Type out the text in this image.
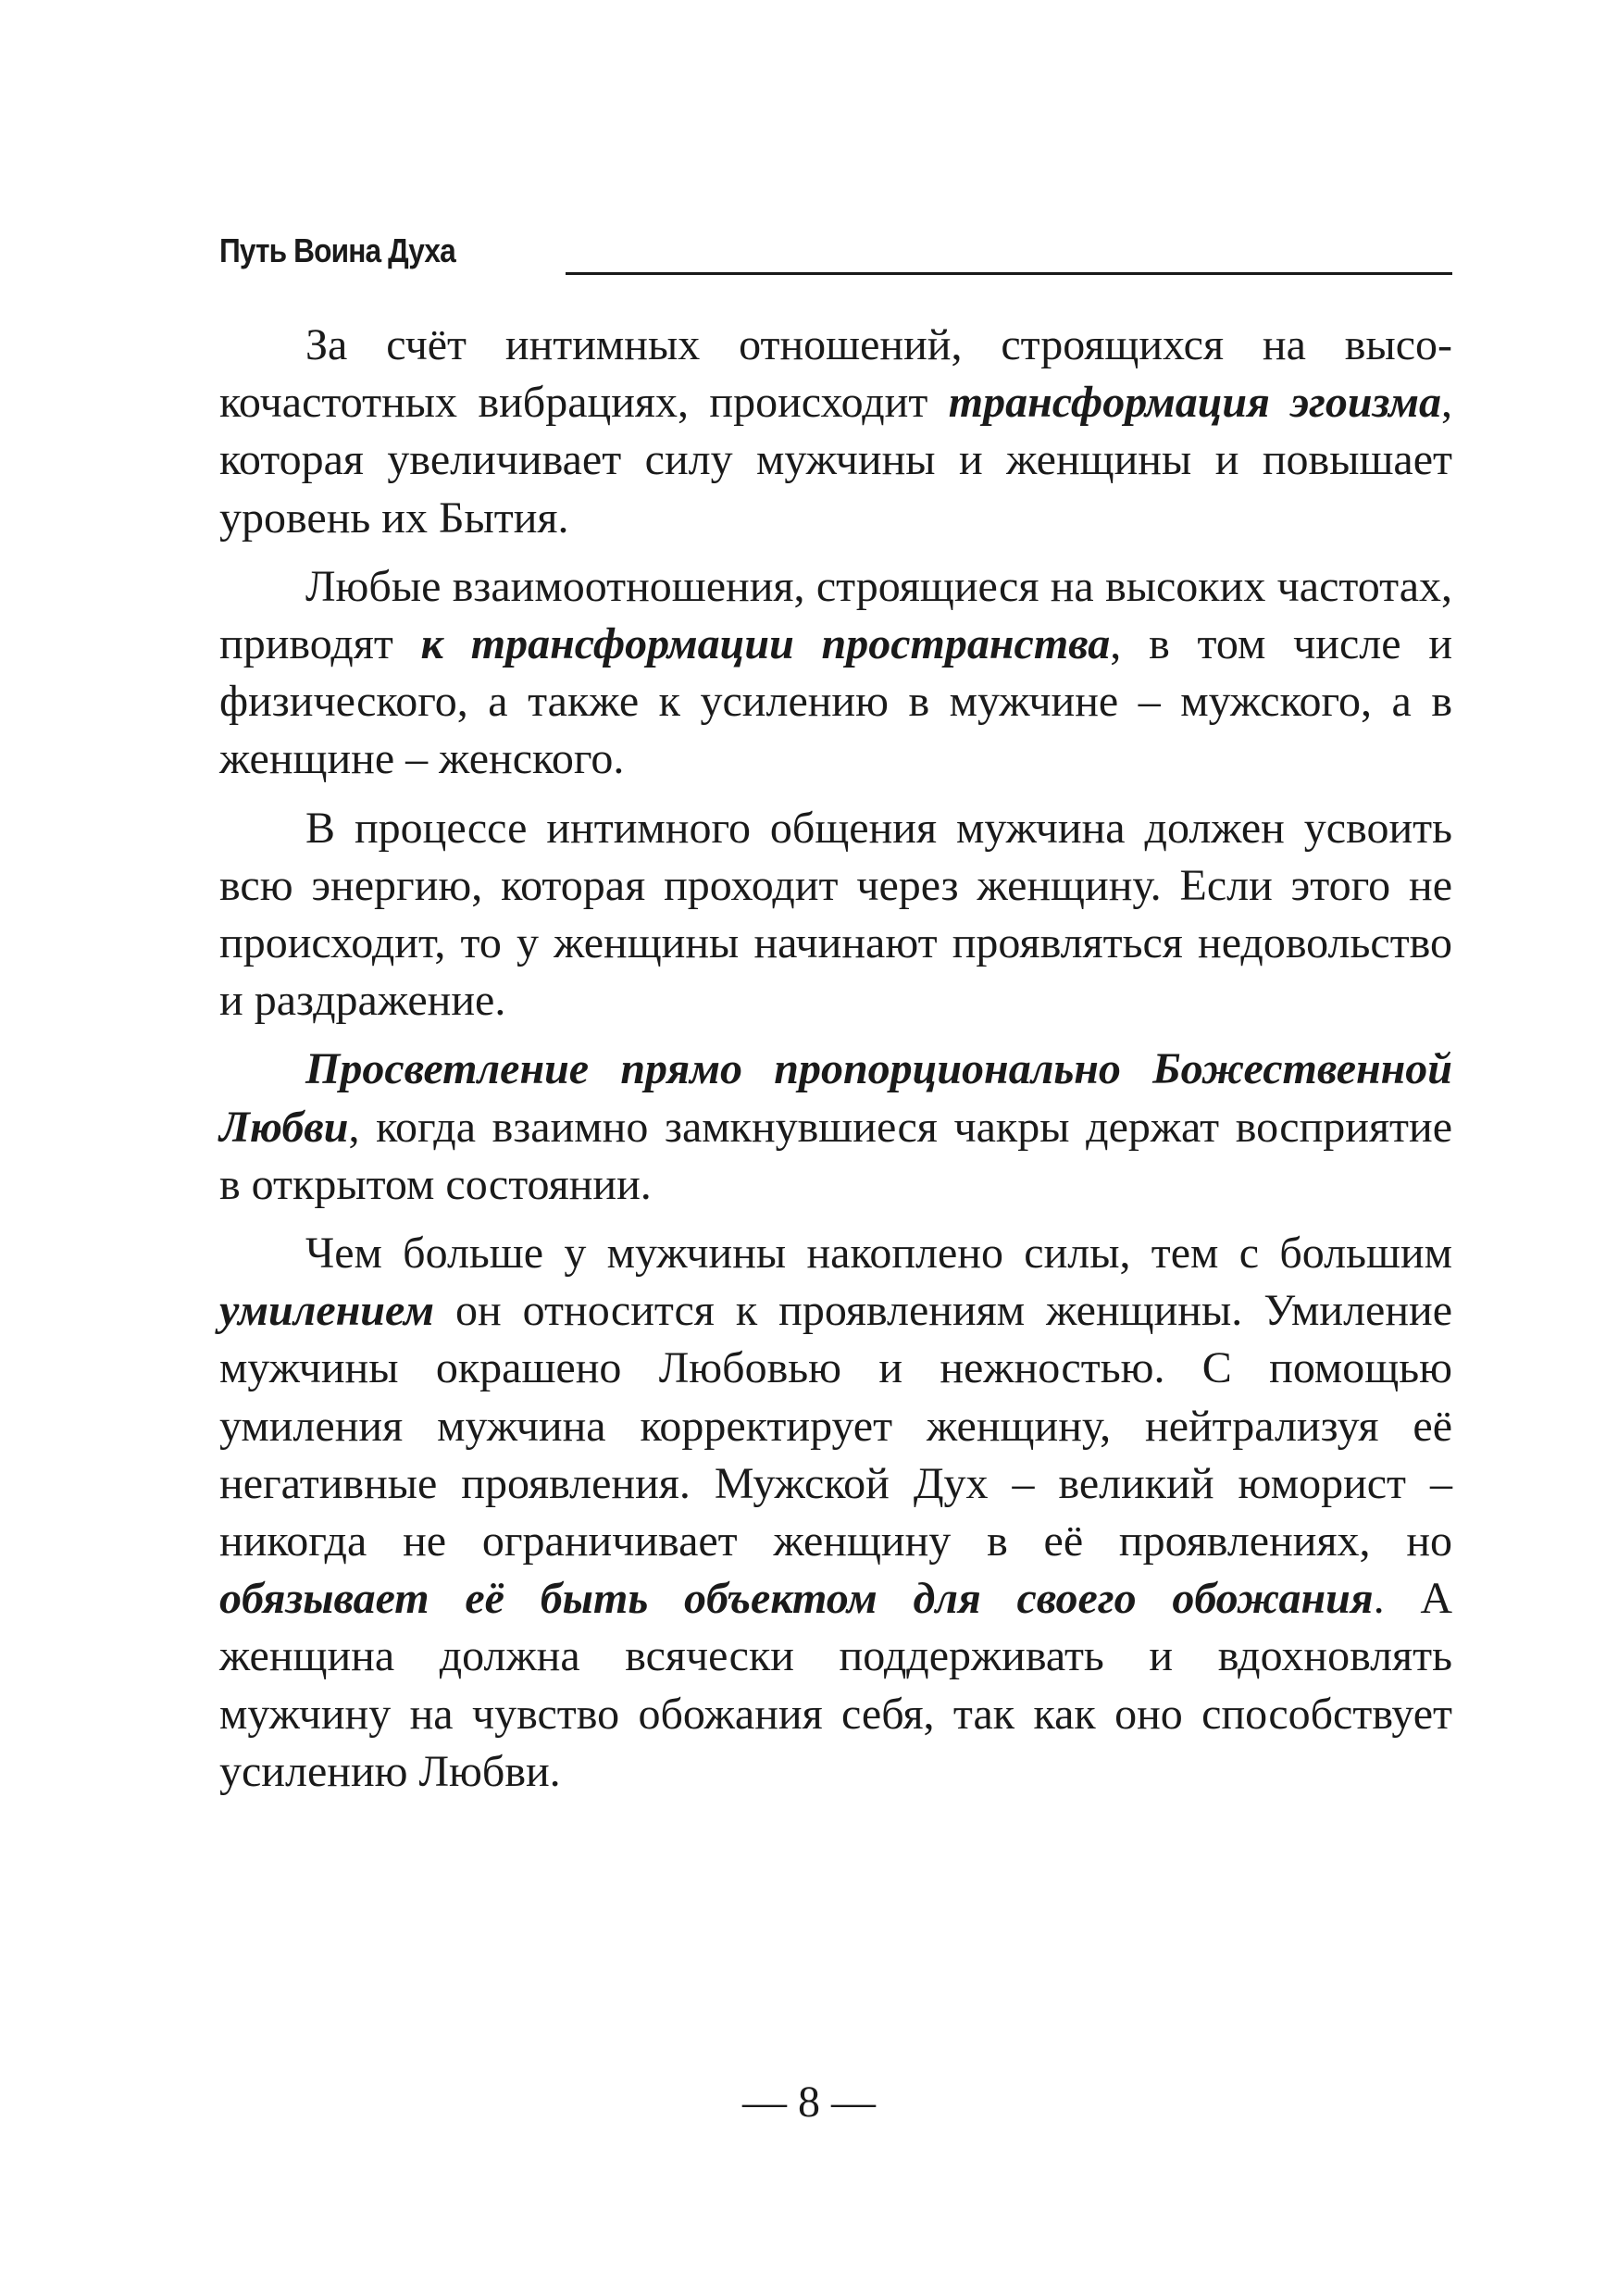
Путь Воина Духа

За счёт интимных отношений, строящихся на высокочастотных вибрациях, происходит трансформация эгоизма, которая увеличивает силу мужчины и женщины и повышает уровень их Бытия.

Любые взаимоотношения, строящиеся на высоких частотах, приводят к трансформации пространства, в том числе и физического, а также к усилению в мужчине – мужского, а в женщине – женского.

В процессе интимного общения мужчина должен усвоить всю энергию, которая проходит через женщину. Если этого не происходит, то у женщины начинают проявляться недовольство и раздражение.

Просветление прямо пропорционально Божественной Любви, когда взаимно замкнувшиеся чакры держат восприятие в открытом состоянии.

Чем больше у мужчины накоплено силы, тем с большим умилением он относится к проявлениям женщины. Умиление мужчины окрашено Любовью и нежностью. С помощью умиления мужчина корректирует женщину, нейтрализуя её негативные проявления. Мужской Дух – великий юморист – никогда не ограничивает женщину в её проявлениях, но обязывает её быть объектом для своего обожания. А женщина должна всячески поддерживать и вдохновлять мужчину на чувство обожания себя, так как оно способствует усилению Любви.

— 8 —
